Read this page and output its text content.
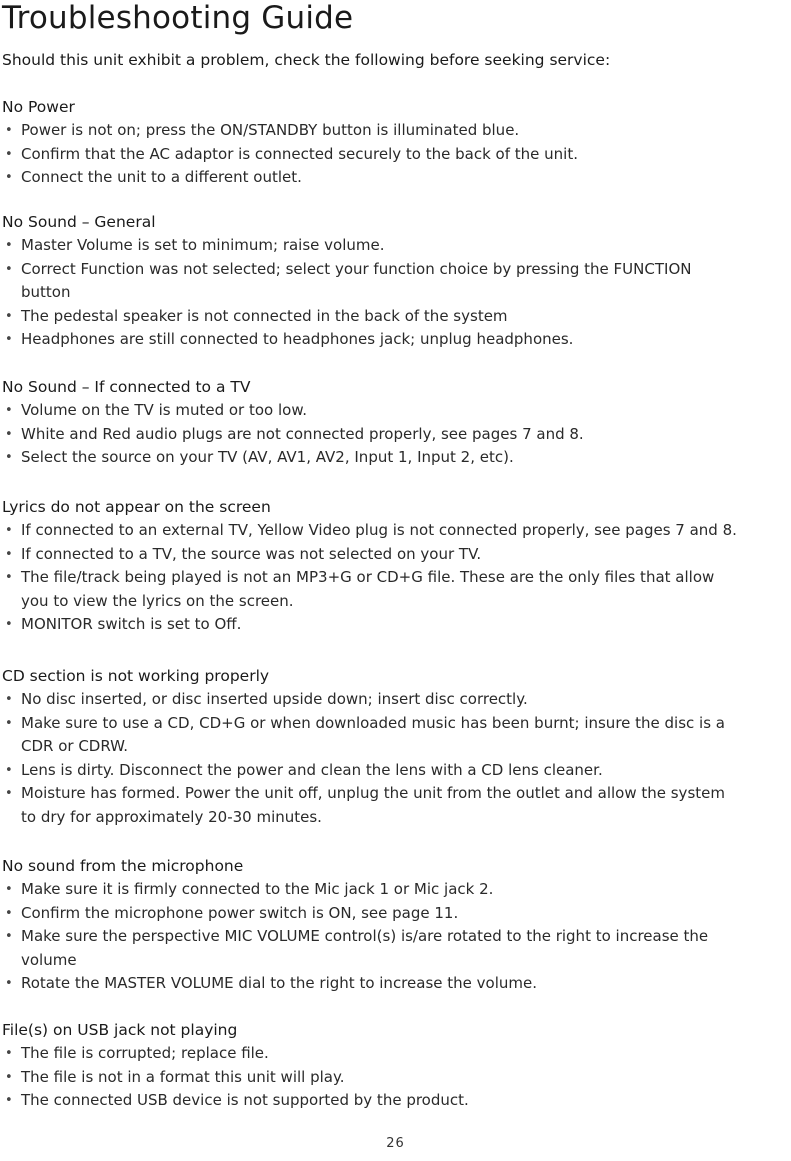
Troubleshooting Guide

Should this unit exhibit a problem, check the following before seeking service:

No Power
• Power is not on; press the ON/STANDBY button is illuminated blue.
• Confirm that the AC adaptor is connected securely to the back of the unit.
• Connect the unit to a different outlet.
No Sound – General
• Master Volume is set to minimum; raise volume.
• Correct Function was not selected; select your function choice by pressing the FUNCTION
button
• The pedestal speaker is not connected in the back of the system
• Headphones are still connected to headphones jack; unplug headphones.
No Sound – If connected to a TV
• Volume on the TV is muted or too low.
• White and Red audio plugs are not connected properly, see pages 7 and 8.
• Select the source on your TV (AV, AV1, AV2, Input 1, Input 2, etc).
Lyrics do not appear on the screen
• If connected to an external TV, Yellow Video plug is not connected properly, see pages 7 and 8.
• If connected to a TV, the source was not selected on your TV.
• The file/track being played is not an MP3+G or CD+G file. These are the only files that allow
you to view the lyrics on the screen.
• MONITOR switch is set to Off.
CD section is not working properly
• No disc inserted, or disc inserted upside down; insert disc correctly.
• Make sure to use a CD, CD+G or when downloaded music has been burnt; insure the disc is a
CDR or CDRW.
• Lens is dirty. Disconnect the power and clean the lens with a CD lens cleaner.
• Moisture has formed. Power the unit off, unplug the unit from the outlet and allow the system
to dry for approximately 20-30 minutes.
No sound from the microphone
• Make sure it is firmly connected to the Mic jack 1 or Mic jack 2.
• Confirm the microphone power switch is ON, see page 11.
• Make sure the perspective MIC VOLUME control(s) is/are rotated to the right to increase the
volume
• Rotate the MASTER VOLUME dial to the right to increase the volume.
File(s) on USB jack not playing
• The file is corrupted; replace file.
• The file is not in a format this unit will play.
• The connected USB device is not supported by the product.
26
